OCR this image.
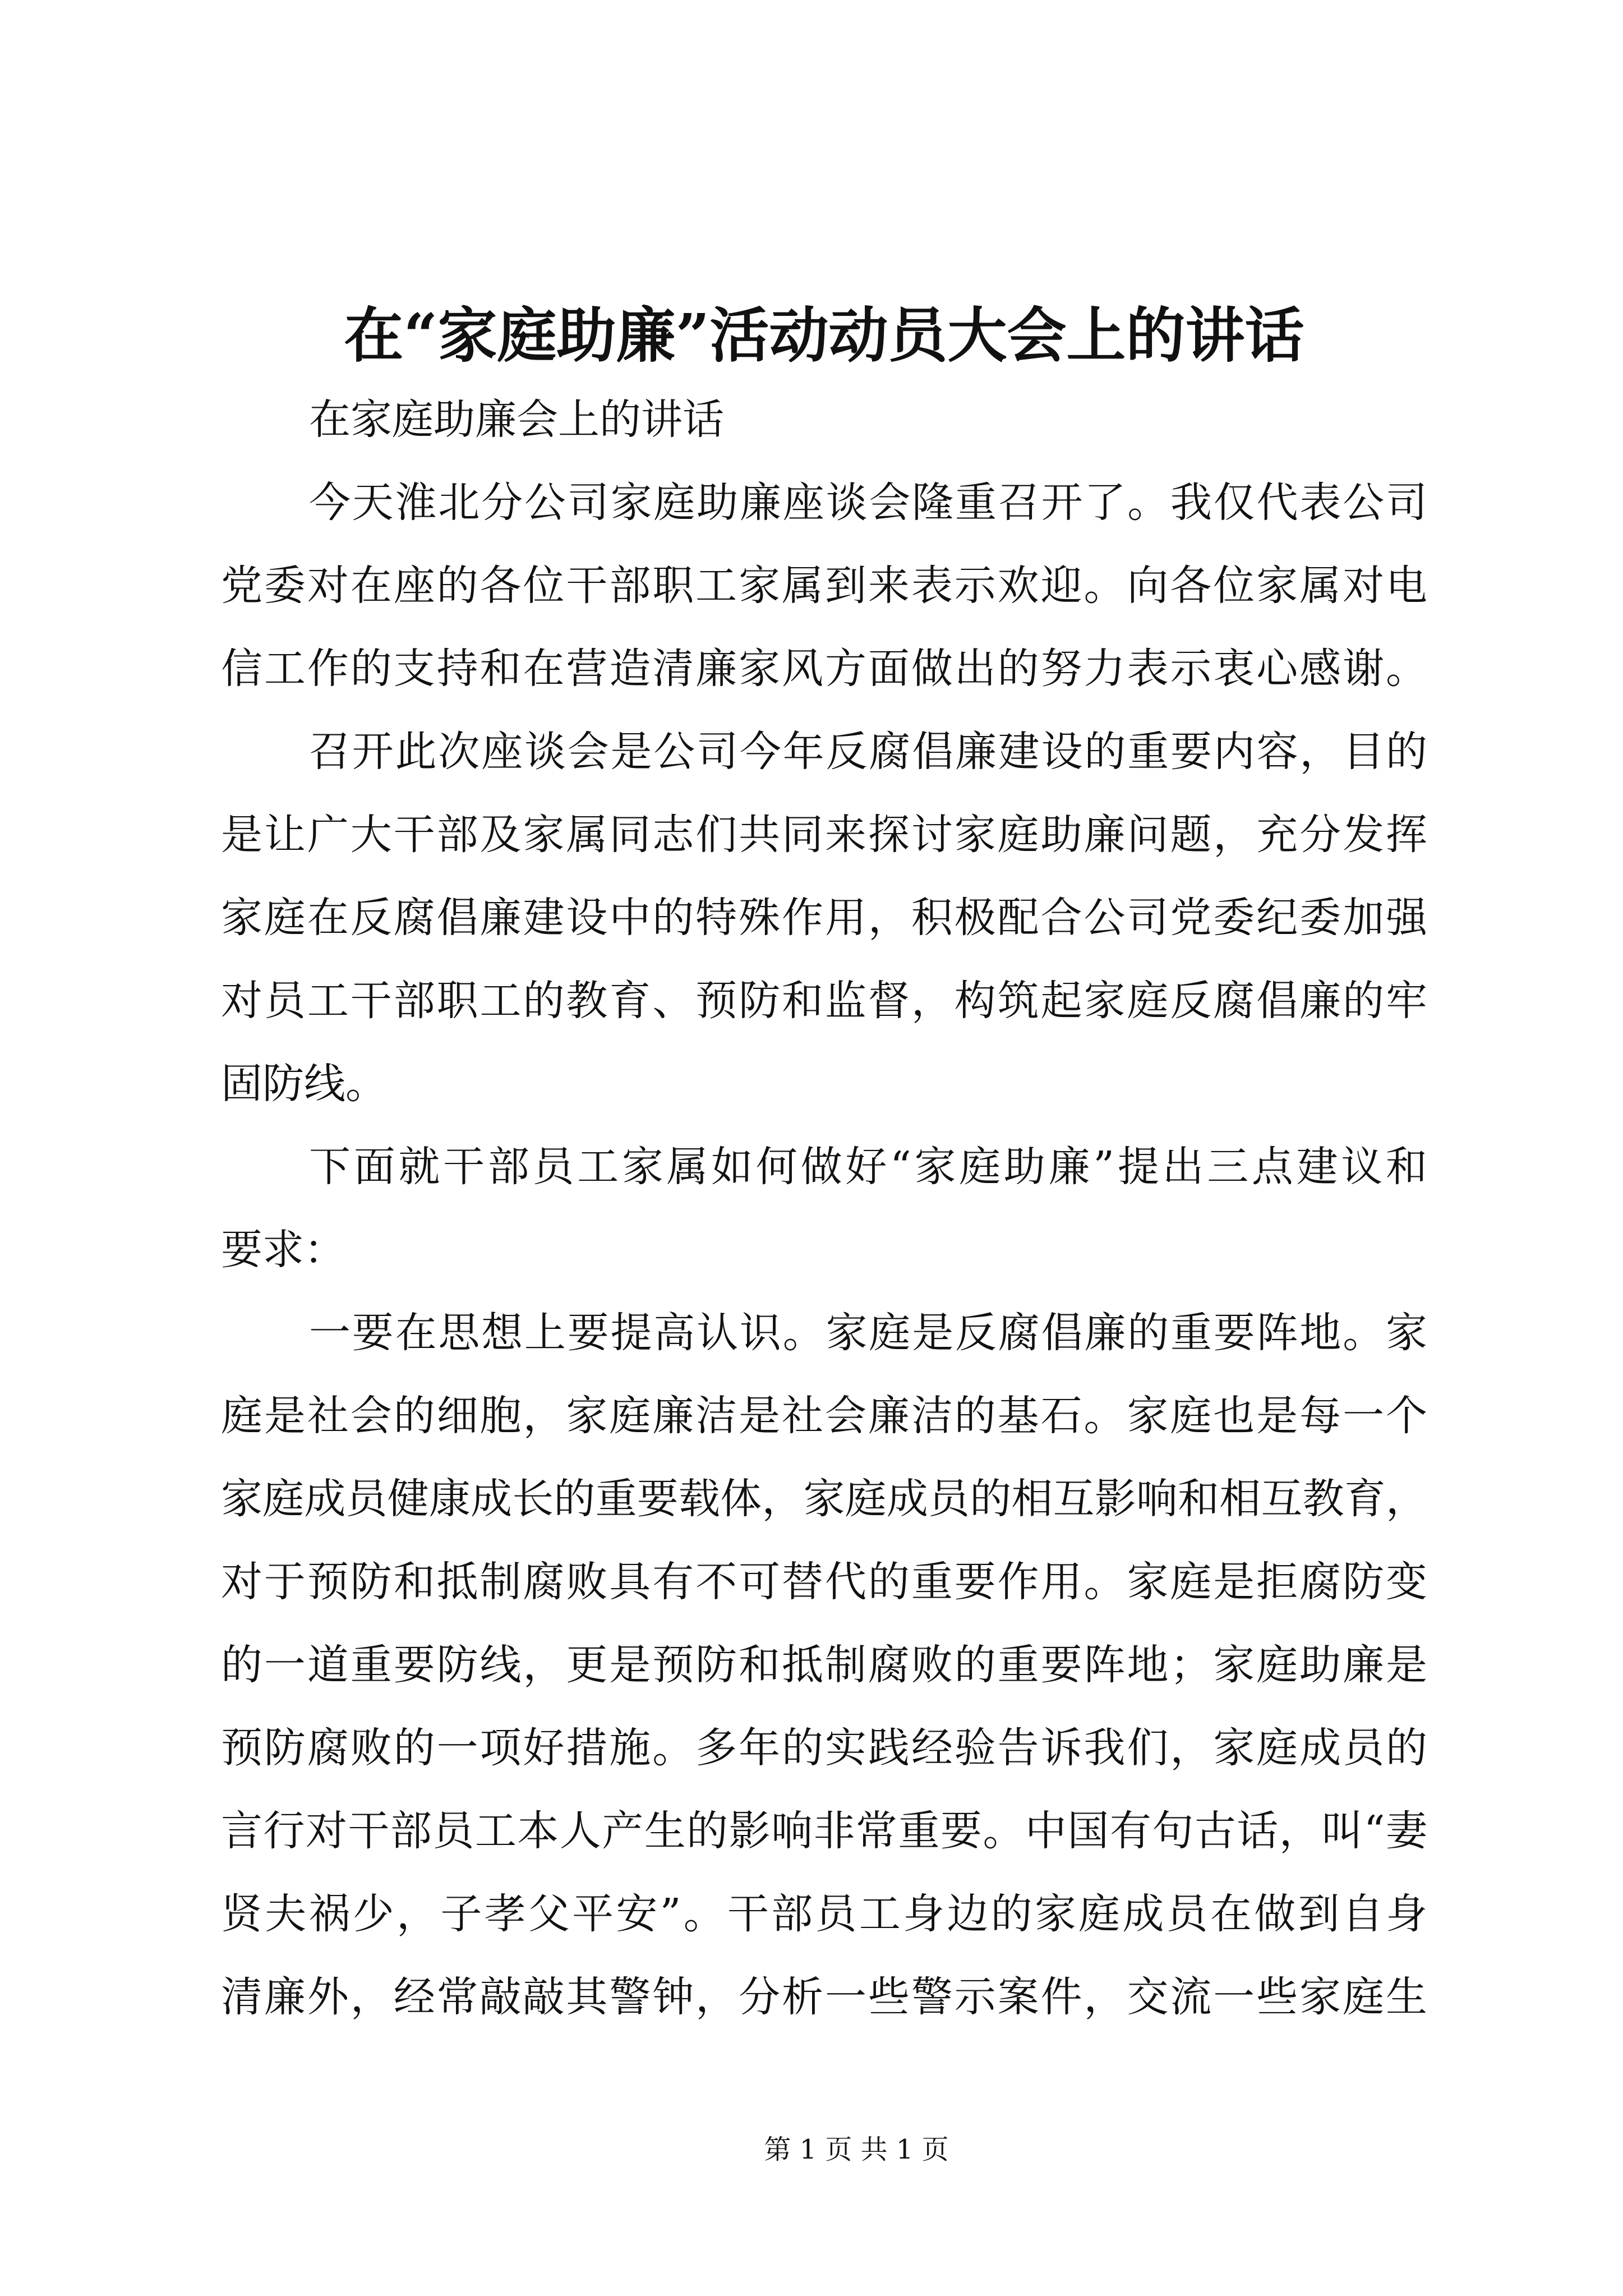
在“家庭助廉”活动动员大会上的讲话
在家庭助廉会上的讲话
今天淮北分公司家庭助廉座谈会隆重召开了。我仅代表公司
党委对在座的各位干部职工家属到来表示欢迎。向各位家属对电
信工作的支持和在营造清廉家风方面做出的努力表示衷心感谢。
召开此次座谈会是公司今年反腐倡廉建设的重要内容，目的
是让广大干部及家属同志们共同来探讨家庭助廉问题，充分发挥
家庭在反腐倡廉建设中的特殊作用，积极配合公司党委纪委加强
对员工干部职工的教育、预防和监督，构筑起家庭反腐倡廉的牢
固防线。
下面就干部员工家属如何做好“家庭助廉”提出三点建议和
要求：
一要在思想上要提高认识。家庭是反腐倡廉的重要阵地。家
庭是社会的细胞，家庭廉洁是社会廉洁的基石。家庭也是每一个
家庭成员健康成长的重要载体，家庭成员的相互影响和相互教育，
对于预防和抵制腐败具有不可替代的重要作用。家庭是拒腐防变
的一道重要防线，更是预防和抵制腐败的重要阵地；家庭助廉是
预防腐败的一项好措施。多年的实践经验告诉我们，家庭成员的
言行对干部员工本人产生的影响非常重要。中国有句古话，叫“妻
贤夫祸少，子孝父平安”。干部员工身边的家庭成员在做到自身
清廉外，经常敲敲其警钟，分析一些警示案件，交流一些家庭生
第 1 页 共 1 页
